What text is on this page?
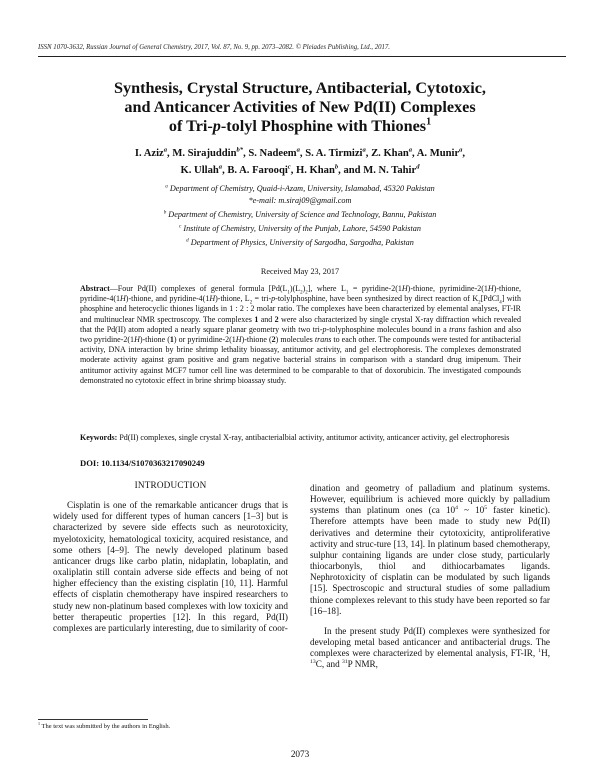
ISSN 1070-3632, Russian Journal of General Chemistry, 2017, Vol. 87, No. 9, pp. 2073–2082. © Pleiades Publishing, Ltd., 2017.
Synthesis, Crystal Structure, Antibacterial, Cytotoxic,
and Anticancer Activities of New Pd(II) Complexes
of Tri-p-tolyl Phosphine with Thiones$^1$
I. Aziz$^a$, M. Sirajuddin$^{b*}$, S. Nadeem$^a$, S. A. Tirmizi$^a$, Z. Khan$^a$, A. Munir$^a$,
K. Ullah$^a$, B. A. Farooqi$^c$, H. Khan$^b$, and M. N. Tahir$^d$
$^a$ Department of Chemistry, Quaid-i-Azam, University, Islamabad, 45320 Pakistan
*e-mail: m.siraj09@gmail.com
$^b$ Department of Chemistry, University of Science and Technology, Bannu, Pakistan
$^c$ Institute of Chemistry, University of the Punjab, Lahore, 54590 Pakistan
$^d$ Department of Physics, University of Sargodha, Sargodha, Pakistan
Received May 23, 2017
Abstract—Four Pd(II) complexes of general formula $[Pd(L_1)(L_2)_2]$, where $L_1$ = pyridine-2(1H)-thione, pyrimidine-2(1H)-thione, pyridine-4(1H)-thione, and pyridine-4(1H)-thione, $L_2$ = tri-p-tolylphosphine, have been synthesized by direct reaction of $K_2[PdCl_4]$ with phosphine and heterocyclic thiones ligands in 1 : 2 : 2 molar ratio. The complexes have been characterized by elemental analyses, FT-IR and multinuclear NMR spectroscopy. The complexes 1 and 2 were also characterized by single crystal X-ray diffraction which revealed that the Pd(II) atom adopted a nearly square planar geometry with two tri-p-tolyphosphine molecules bound in a trans fashion and also two pyridine-2(1H)-thione (1) or pyrimidine-2(1H)-thione (2) molecules trans to each other. The compounds were tested for antibacterial activity, DNA interaction by brine shrimp lethality bioassay, antitumor activity, and gel electrophoresis. The complexes demonstrated moderate activity against gram positive and gram negative bacterial strains in comparison with a standard drug imipenum. Their antitumor activity against MCF7 tumor cell line was determined to be comparable to that of doxorubicin. The investigated compounds demonstrated no cytotoxic effect in brine shrimp bioassay study.
Keywords: Pd(II) complexes, single crystal X-ray, antibacterialbial activity, antitumor activity, anticancer activity, gel electrophoresis
DOI: 10.1134/S1070363217090249
INTRODUCTION

Cisplatin is one of the remarkable anticancer drugs that is widely used for different types of human cancers [1–3] but is characterized by severe side effects such as neurotoxicity, myelotoxicity, hematological toxicity, acquired resistance, and some others [4–9]. The newly developed platinum based anticancer drugs like carbo platin, nidaplatin, lobaplatin, and oxaliplatin still contain adverse side effects and being of not higher effeciency than the existing cisplatin [10, 11]. Harmful effects of cisplatin chemotherapy have inspired researchers to study new non-platinum based complexes with low toxicity and better therapeutic properties [12]. In this regard, Pd(II) complexes are particularly interesting, due to similarity of coor-

dination and geometry of palladium and platinum systems. However, equilibrium is achieved more quickly by palladium systems than platinum ones (ca $10^4$ ~ $10^5$ faster kinetic). Therefore attempts have been made to study new Pd(II) derivatives and determine their cytotoxicity, antiproliferative activity and struc-ture [13, 14]. In platinum based chemotherapy, sulphur containing ligands are under close study, particularly thiocarbonyls, thiol and dithiocarbamates ligands. Nephrotoxicity of cisplatin can be modulated by such ligands [15]. Spectroscopic and structural studies of some palladium thione complexes relevant to this study have been reported so far [16–18].

In the present study Pd(II) complexes were synthesized for developing metal based anticancer and antibacterial drugs. The complexes were characterized by elemental analysis, FT-IR, $^1$H, $^{13}$C, and $^{31}$P NMR,

$^1$ The text was submitted by the authors in English.
2073
